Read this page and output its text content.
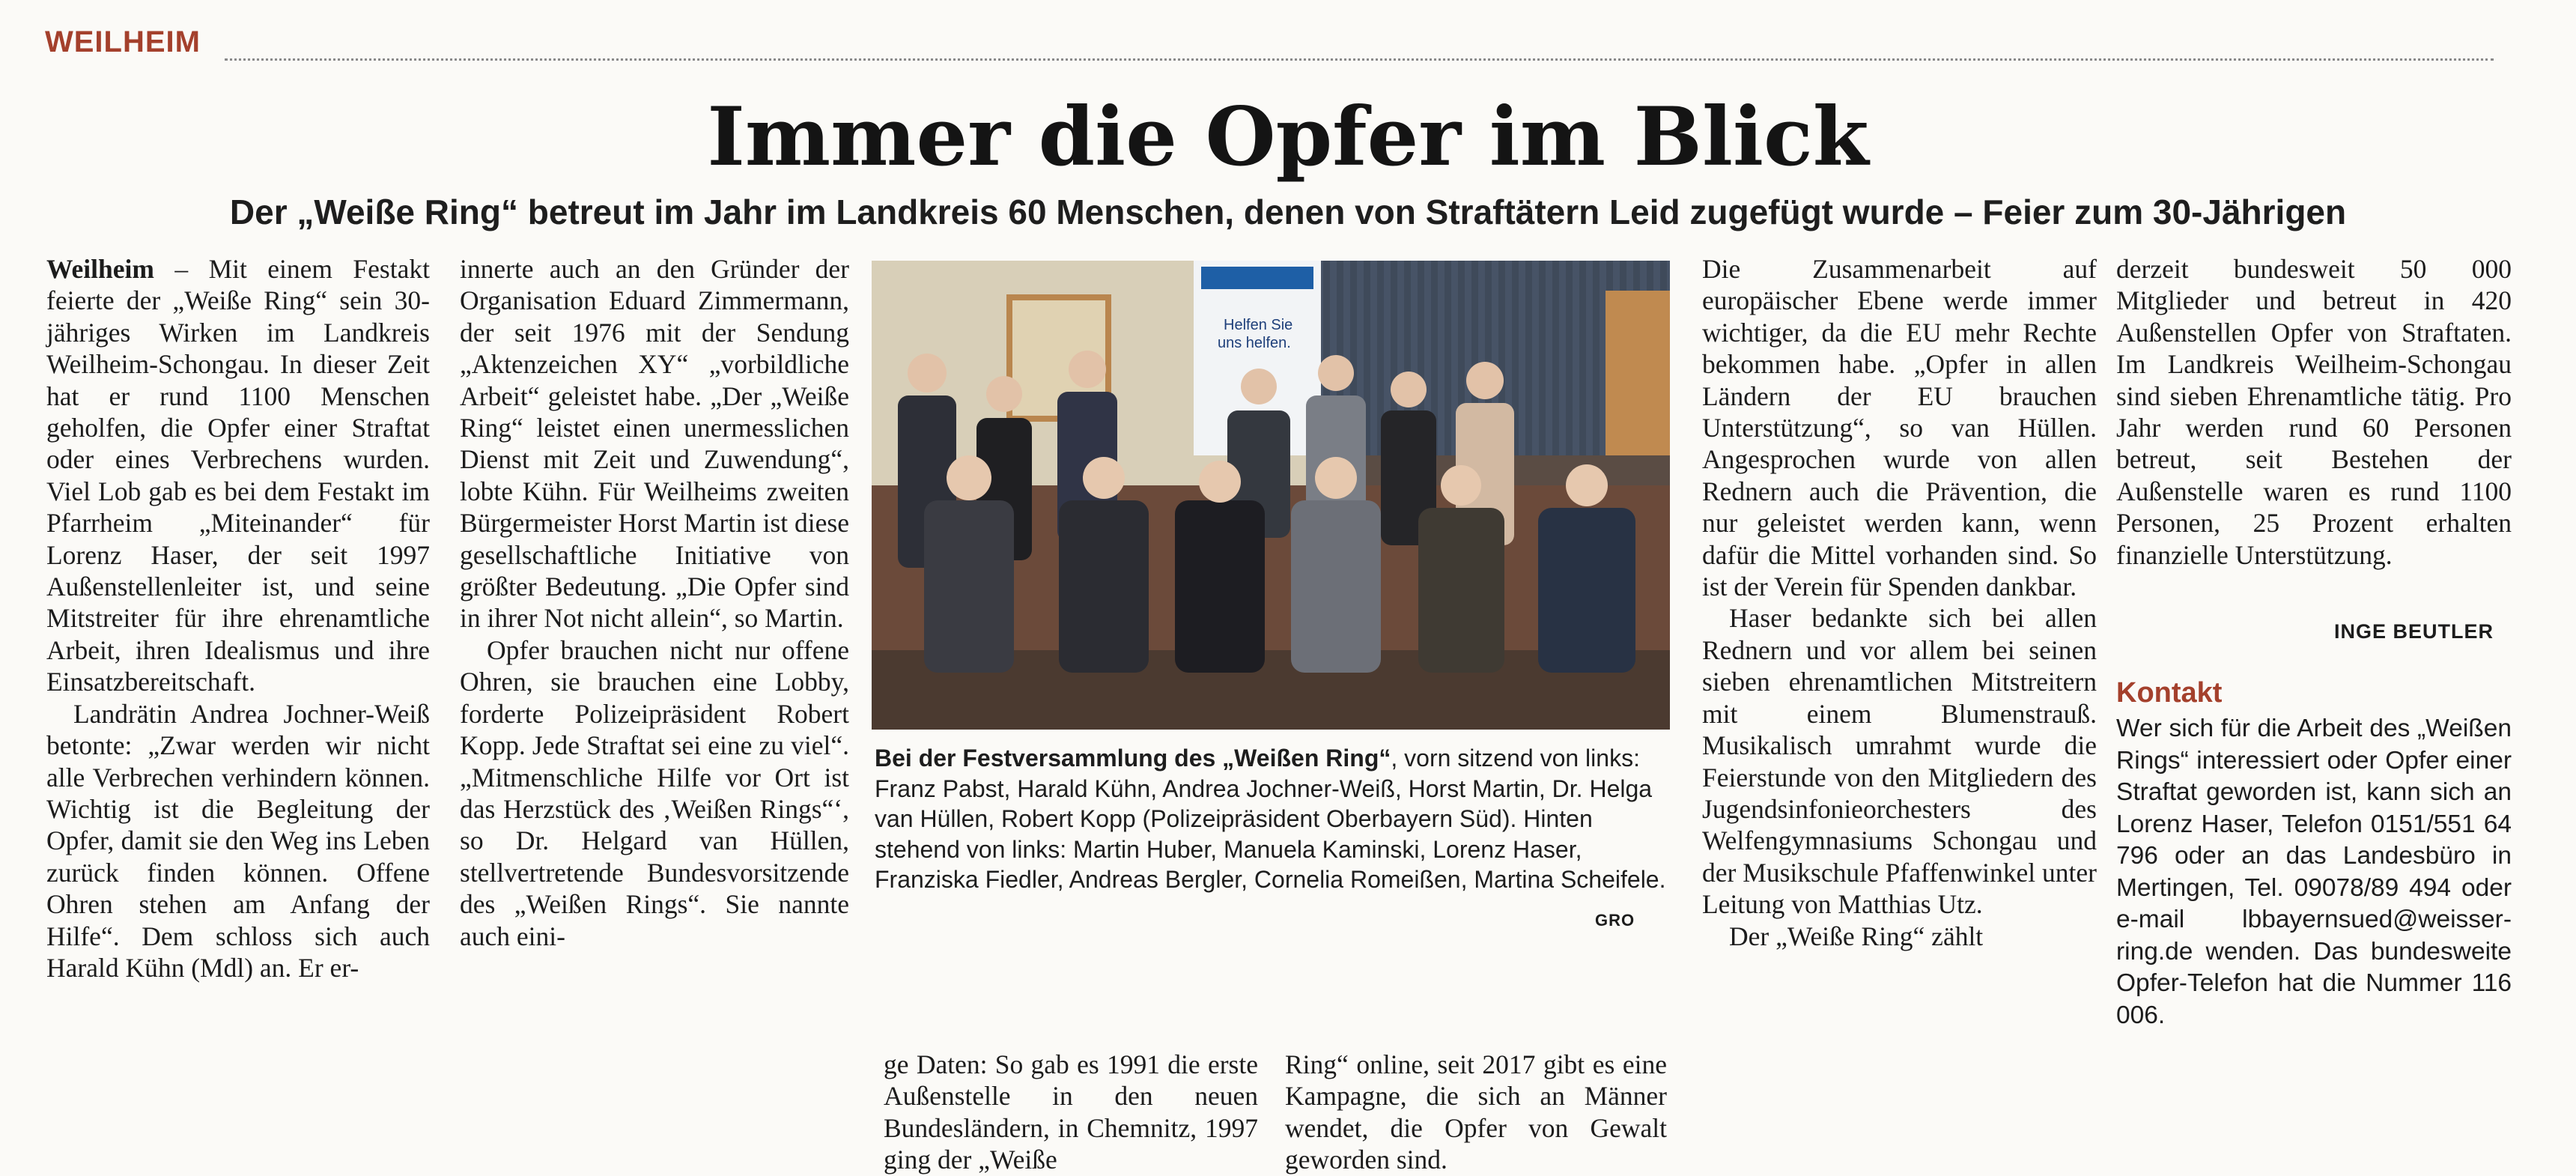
WEILHEIM
Immer die Opfer im Blick
Der „Weiße Ring“ betreut im Jahr im Landkreis 60 Menschen, denen von Straftätern Leid zugefügt wurde – Feier zum 30-Jährigen

Weilheim – Mit einem Festakt feierte der „Weiße Ring“ sein 30-jähriges Wirken im Landkreis Weilheim-Schongau. In dieser Zeit hat er rund 1100 Menschen geholfen, die Opfer einer Straftat oder eines Verbrechens wurden. Viel Lob gab es bei dem Festakt im Pfarrheim „Miteinander“ für Lorenz Haser, der seit 1997 Außenstellenleiter ist, und seine Mitstreiter für ihre ehrenamtliche Arbeit, ihren Idealismus und ihre Einsatzbereitschaft.

Landrätin Andrea Jochner-Weiß betonte: „Zwar werden wir nicht alle Verbrechen verhindern können. Wichtig ist die Begleitung der Opfer, damit sie den Weg ins Leben zurück finden können. Offene Ohren stehen am Anfang der Hilfe“. Dem schloss sich auch Harald Kühn (Mdl) an. Er er-

innerte auch an den Gründer der Organisation Eduard Zimmermann, der seit 1976 mit der Sendung „Aktenzeichen XY“ „vorbildliche Arbeit“ geleistet habe. „Der „Weiße Ring“ leistet einen unermesslichen Dienst mit Zeit und Zuwendung“, lobte Kühn. Für Weilheims zweiten Bürgermeister Horst Martin ist diese gesellschaftliche Initiative von größter Bedeutung. „Die Opfer sind in ihrer Not nicht allein“, so Martin.

Opfer brauchen nicht nur offene Ohren, sie brauchen eine Lobby, forderte Polizeipräsident Robert Kopp. Jede Straftat sei eine zu viel“. „Mitmenschliche Hilfe vor Ort ist das Herzstück des ‚Weißen Rings“‘, so Dr. Helgard van Hüllen, stellvertretende Bundesvorsitzende des „Weißen Rings“. Sie nannte auch eini-

Helfen Sie
uns helfen.
Bei der Festversammlung des „Weißen Ring“, vorn sitzend von links: Franz Pabst, Harald Kühn, Andrea Jochner-Weiß, Horst Martin, Dr. Helga van Hüllen, Robert Kopp (Polizeipräsident Oberbayern Süd). Hinten stehend von links: Martin Huber, Manuela Kaminski, Lorenz Haser, Franziska Fiedler, Andreas Bergler, Cornelia Romeißen, Martina Scheifele.
GRO

ge Daten: So gab es 1991 die erste Außenstelle in den neuen Bundesländern, in Chemnitz, 1997 ging der „Weiße

Ring“ online, seit 2017 gibt es eine Kampagne, die sich an Männer wendet, die Opfer von Gewalt geworden sind.

Die Zusammenarbeit auf europäischer Ebene werde immer wichtiger, da die EU mehr Rechte bekommen habe. „Opfer in allen Ländern der EU brauchen Unterstützung“, so van Hüllen. Angesprochen wurde von allen Rednern auch die Prävention, die nur geleistet werden kann, wenn dafür die Mittel vorhanden sind. So ist der Verein für Spenden dankbar.

Haser bedankte sich bei allen Rednern und vor allem bei seinen sieben ehrenamtlichen Mitstreitern mit einem Blumenstrauß. Musikalisch umrahmt wurde die Feierstunde von den Mitgliedern des Jugendsinfonieorchesters des Welfengymnasiums Schongau und der Musikschule Pfaffenwinkel unter Leitung von Matthias Utz.

Der „Weiße Ring“ zählt

derzeit bundesweit 50 000 Mitglieder und betreut in 420 Außenstellen Opfer von Straftaten. Im Landkreis Weilheim-Schongau sind sieben Ehrenamtliche tätig. Pro Jahr werden rund 60 Personen betreut, seit Bestehen der Außenstelle waren es rund 1100 Personen, 25 Prozent erhalten finanzielle Unterstützung.

INGE BEUTLER
Kontakt
Wer sich für die Arbeit des „Weißen Rings“ interessiert oder Opfer einer Straftat geworden ist, kann sich an Lorenz Haser, Telefon 0151/551 64 796 oder an das Landesbüro in Mertingen, Tel. 09078/89 494 oder e-mail lbbayernsued@weisser-ring.de wenden. Das bundesweite Opfer-Telefon hat die Nummer 116 006.
